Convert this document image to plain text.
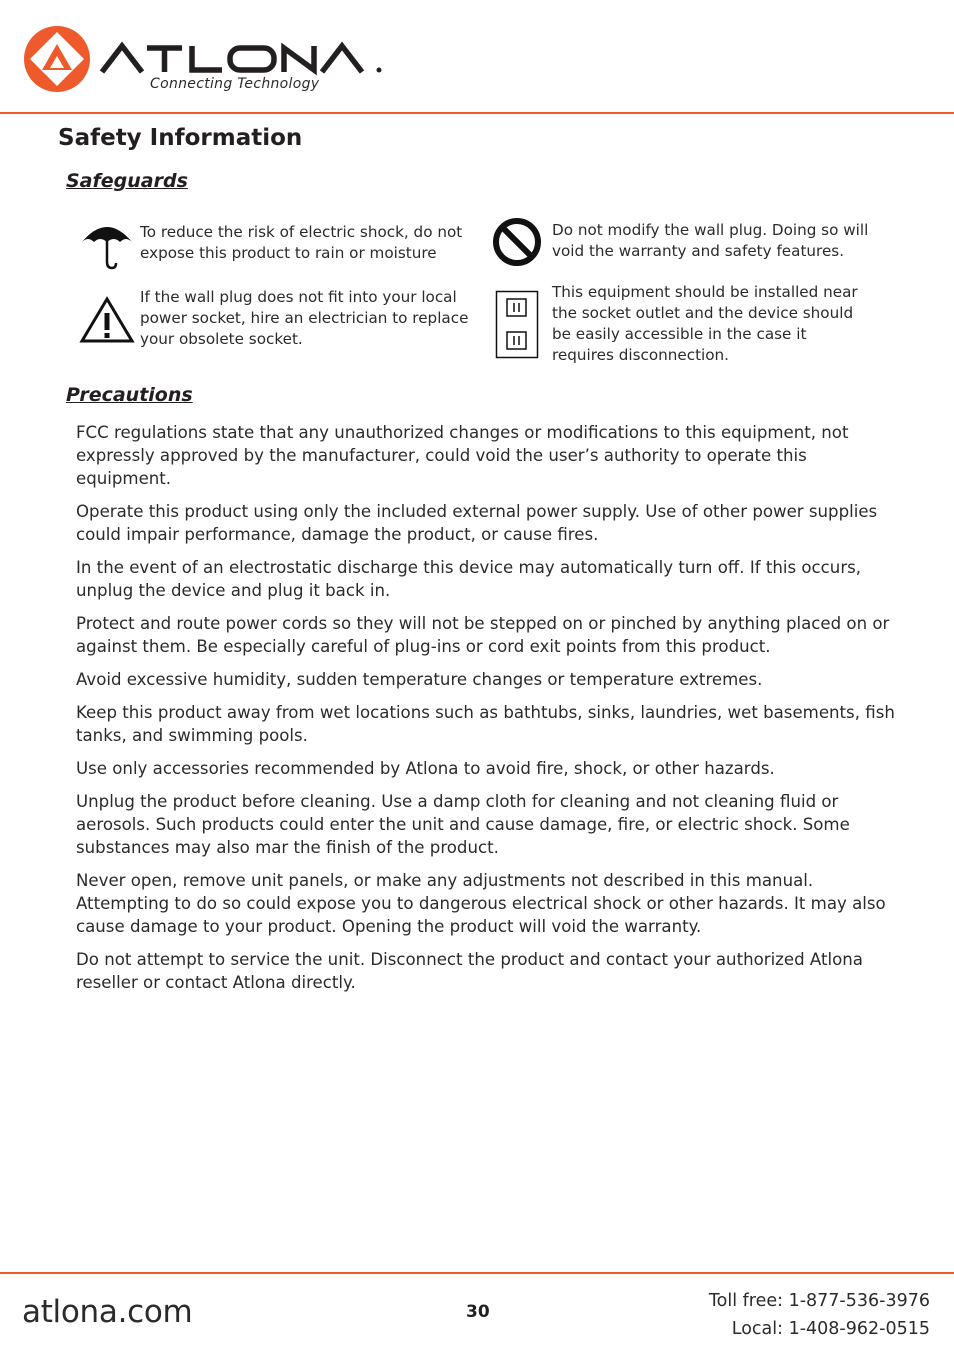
Connecting Technology
Safety Information
Safeguards
To reduce the risk of electric shock, do not expose this product to rain or moisture
Do not modify the wall plug. Doing so will void the warranty and safety features.
If the wall plug does not fit into your local power socket, hire an electrician to replace your obsolete socket.
This equipment should be installed near the socket outlet and the device should be easily accessible in the case it requires disconnection.
Precautions

FCC regulations state that any unauthorized changes or modifications to this equipment, not expressly approved by the manufacturer, could void the user’s authority to operate this equipment.

Operate this product using only the included external power supply. Use of other power supplies could impair performance, damage the product, or cause fires.

In the event of an electrostatic discharge this device may automatically turn off. If this occurs, unplug the device and plug it back in.

Protect and route power cords so they will not be stepped on or pinched by anything placed on or against them. Be especially careful of plug-ins or cord exit points from this product.

Avoid excessive humidity, sudden temperature changes or temperature extremes.

Keep this product away from wet locations such as bathtubs, sinks, laundries, wet basements, fish tanks, and swimming pools.

Use only accessories recommended by Atlona to avoid fire, shock, or other hazards.

Unplug the product before cleaning. Use a damp cloth for cleaning and not cleaning fluid or aerosols. Such products could enter the unit and cause damage, fire, or electric shock. Some substances may also mar the finish of the product.

Never open, remove unit panels, or make any adjustments not described in this manual. Attempting to do so could expose you to dangerous electrical shock or other hazards. It may also cause damage to your product. Opening the product will void the warranty.

Do not attempt to service the unit. Disconnect the product and contact your authorized Atlona reseller or contact Atlona directly.

atlona.com	30
Toll free: 1-877-536-3976
Local: 1-408-962-0515
